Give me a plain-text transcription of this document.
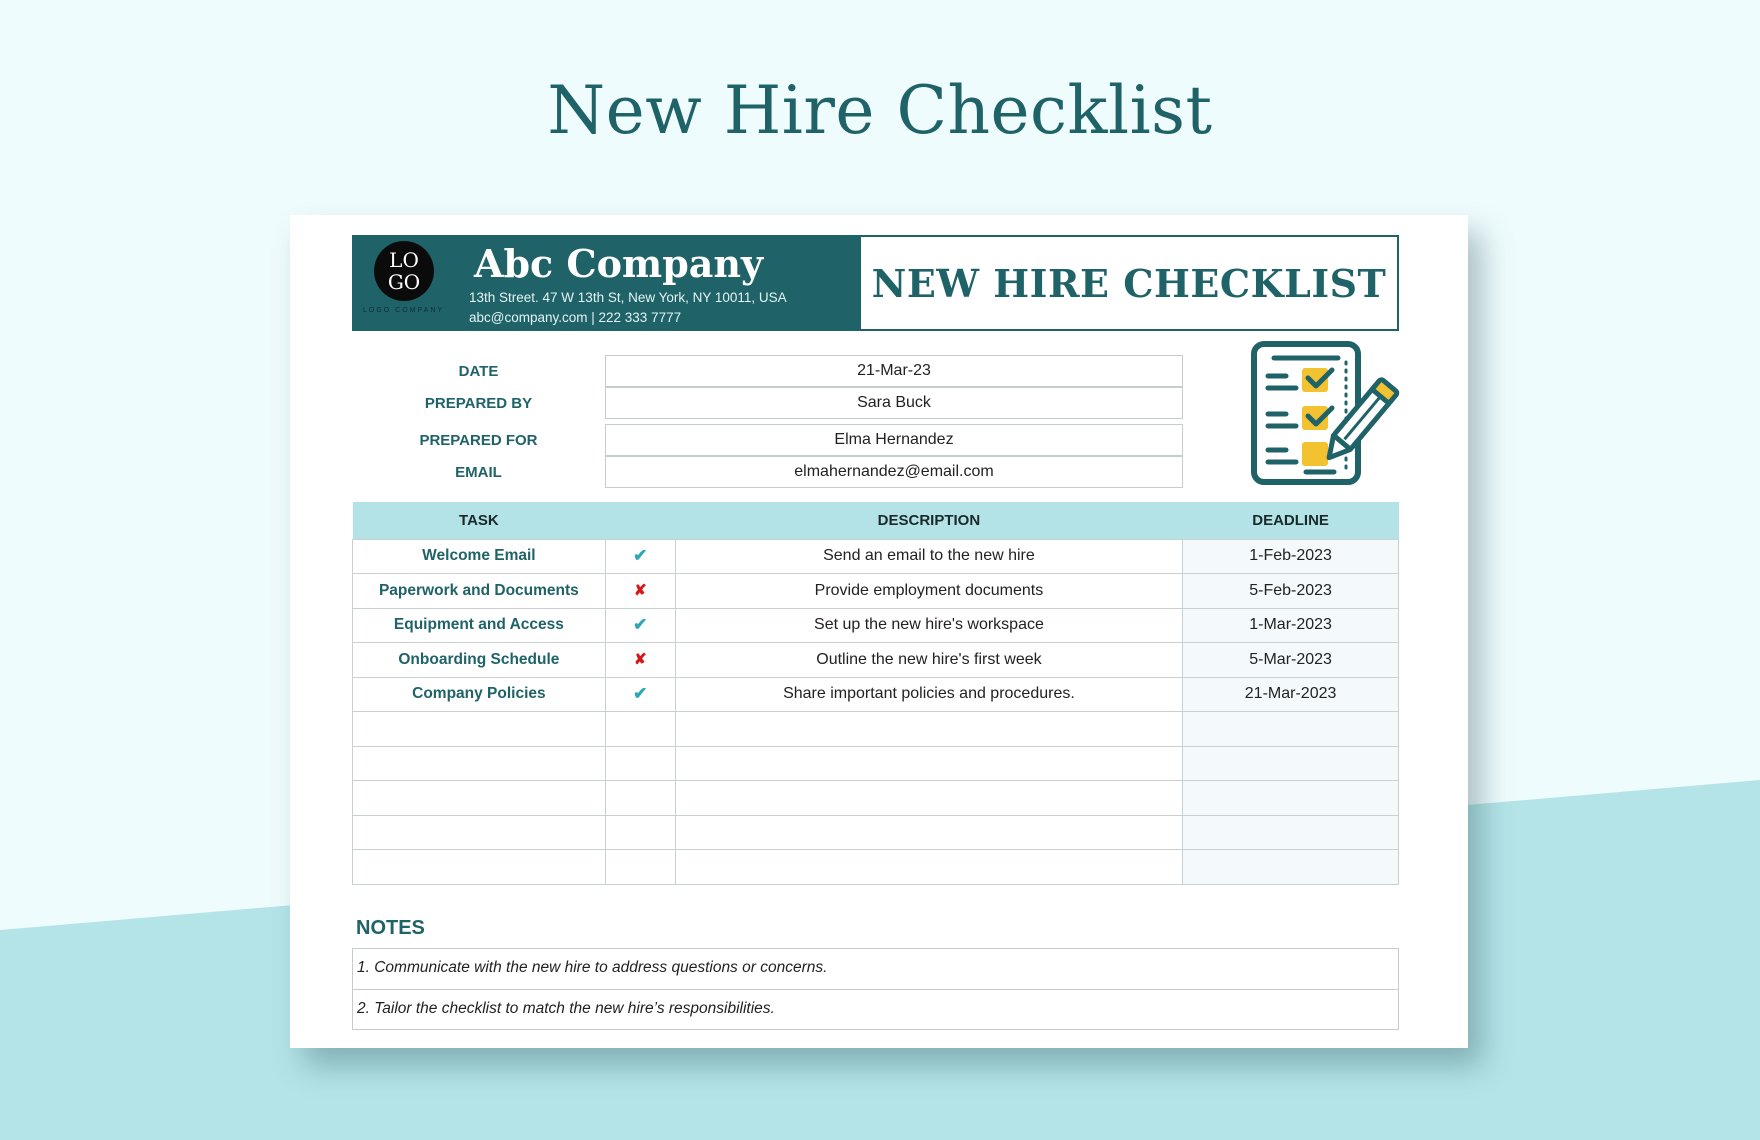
New Hire Checklist
LO
GO
LOGO COMPANY
Abc Company
13th Street. 47 W 13th St, New York, NY 10011, USA
abc@company.com | 222 333 7777
NEW HIRE CHECKLIST
DATE	21-Mar-23
PREPARED BY	Sara Buck
PREPARED FOR	Elma Hernandez
EMAIL	elmahernandez@email.com
TASK		DESCRIPTION	DEADLINE
Welcome Email	✔	Send an email to the new hire	1-Feb-2023
Paperwork and Documents	✘	Provide employment documents	5-Feb-2023
Equipment and Access	✔	Set up the new hire's workspace	1-Mar-2023
Onboarding Schedule	✘	Outline the new hire's first week	5-Mar-2023
Company Policies	✔	Share important policies and procedures.	21-Mar-2023

NOTES
1. Communicate with the new hire to address questions or concerns.
2. Tailor the checklist to match the new hire’s responsibilities.
